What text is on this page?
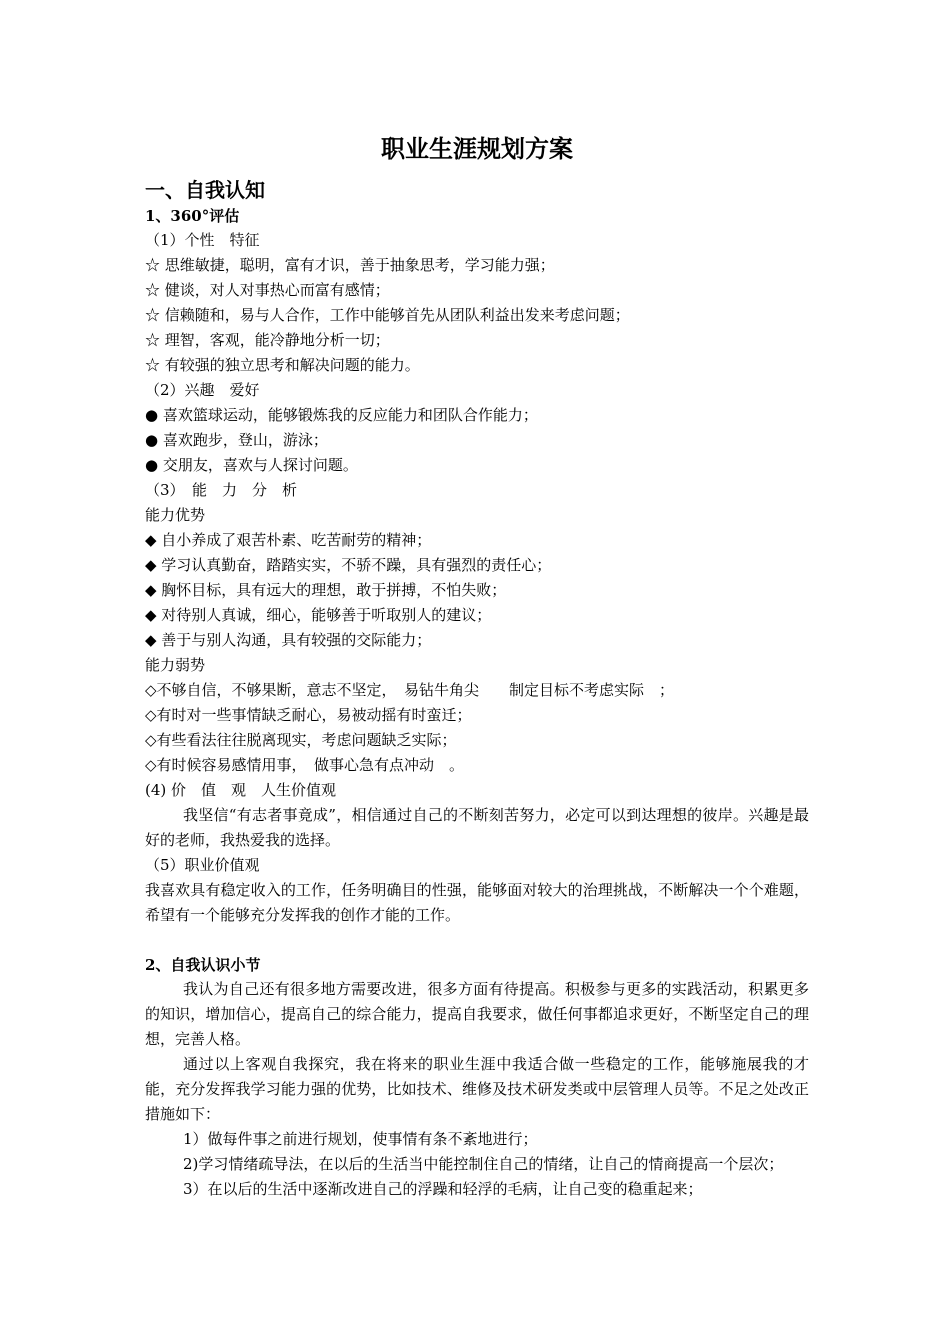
职业生涯规划方案
一、自我认知
1、360°评估
（1）个性　特征
☆ 思维敏捷，聪明，富有才识，善于抽象思考，学习能力强；
☆ 健谈，对人对事热心而富有感情；
☆ 信赖随和，易与人合作，工作中能够首先从团队利益出发来考虑问题；
☆ 理智，客观，能冷静地分析一切；
☆ 有较强的独立思考和解决问题的能力。
（2）兴趣　爱好
● 喜欢篮球运动，能够锻炼我的反应能力和团队合作能力；
● 喜欢跑步，登山，游泳；
● 交朋友，喜欢与人探讨问题。
（3）　能　力　分　析
能力优势
◆ 自小养成了艰苦朴素、吃苦耐劳的精神；
◆ 学习认真勤奋，踏踏实实，不骄不躁，具有强烈的责任心；
◆ 胸怀目标，具有远大的理想，敢于拼搏，不怕失败；
◆ 对待别人真诚，细心，能够善于听取别人的建议；
◆ 善于与别人沟通，具有较强的交际能力；
能力弱势
◇不够自信，不够果断，意志不坚定，　易钻牛角尖　　制定目标不考虑实际　；
◇有时对一些事情缺乏耐心，易被动摇有时蛮迁；
◇有些看法往往脱离现实，考虑问题缺乏实际；
◇有时候容易感情用事，　做事心急有点冲动　。
(4) 价　值　观　人生价值观
我坚信“有志者事竟成”，相信通过自己的不断刻苦努力，必定可以到达理想的彼岸。兴趣是最好的老师，我热爱我的选择。
（5）职业价值观
我喜欢具有稳定收入的工作，任务明确目的性强，能够面对较大的治理挑战，不断解决一个个难题，希望有一个能够充分发挥我的创作才能的工作。
2、自我认识小节
我认为自己还有很多地方需要改进，很多方面有待提高。积极参与更多的实践活动，积累更多的知识，增加信心，提高自己的综合能力，提高自我要求，做任何事都追求更好，不断坚定自己的理想，完善人格。
通过以上客观自我探究，我在将来的职业生涯中我适合做一些稳定的工作，能够施展我的才能，充分发挥我学习能力强的优势，比如技术、维修及技术研发类或中层管理人员等。不足之处改正措施如下：
1）做每件事之前进行规划，使事情有条不紊地进行；
2)学习情绪疏导法，在以后的生活当中能控制住自己的情绪，让自己的情商提高一个层次；
3）在以后的生活中逐渐改进自己的浮躁和轻浮的毛病，让自己变的稳重起来；
